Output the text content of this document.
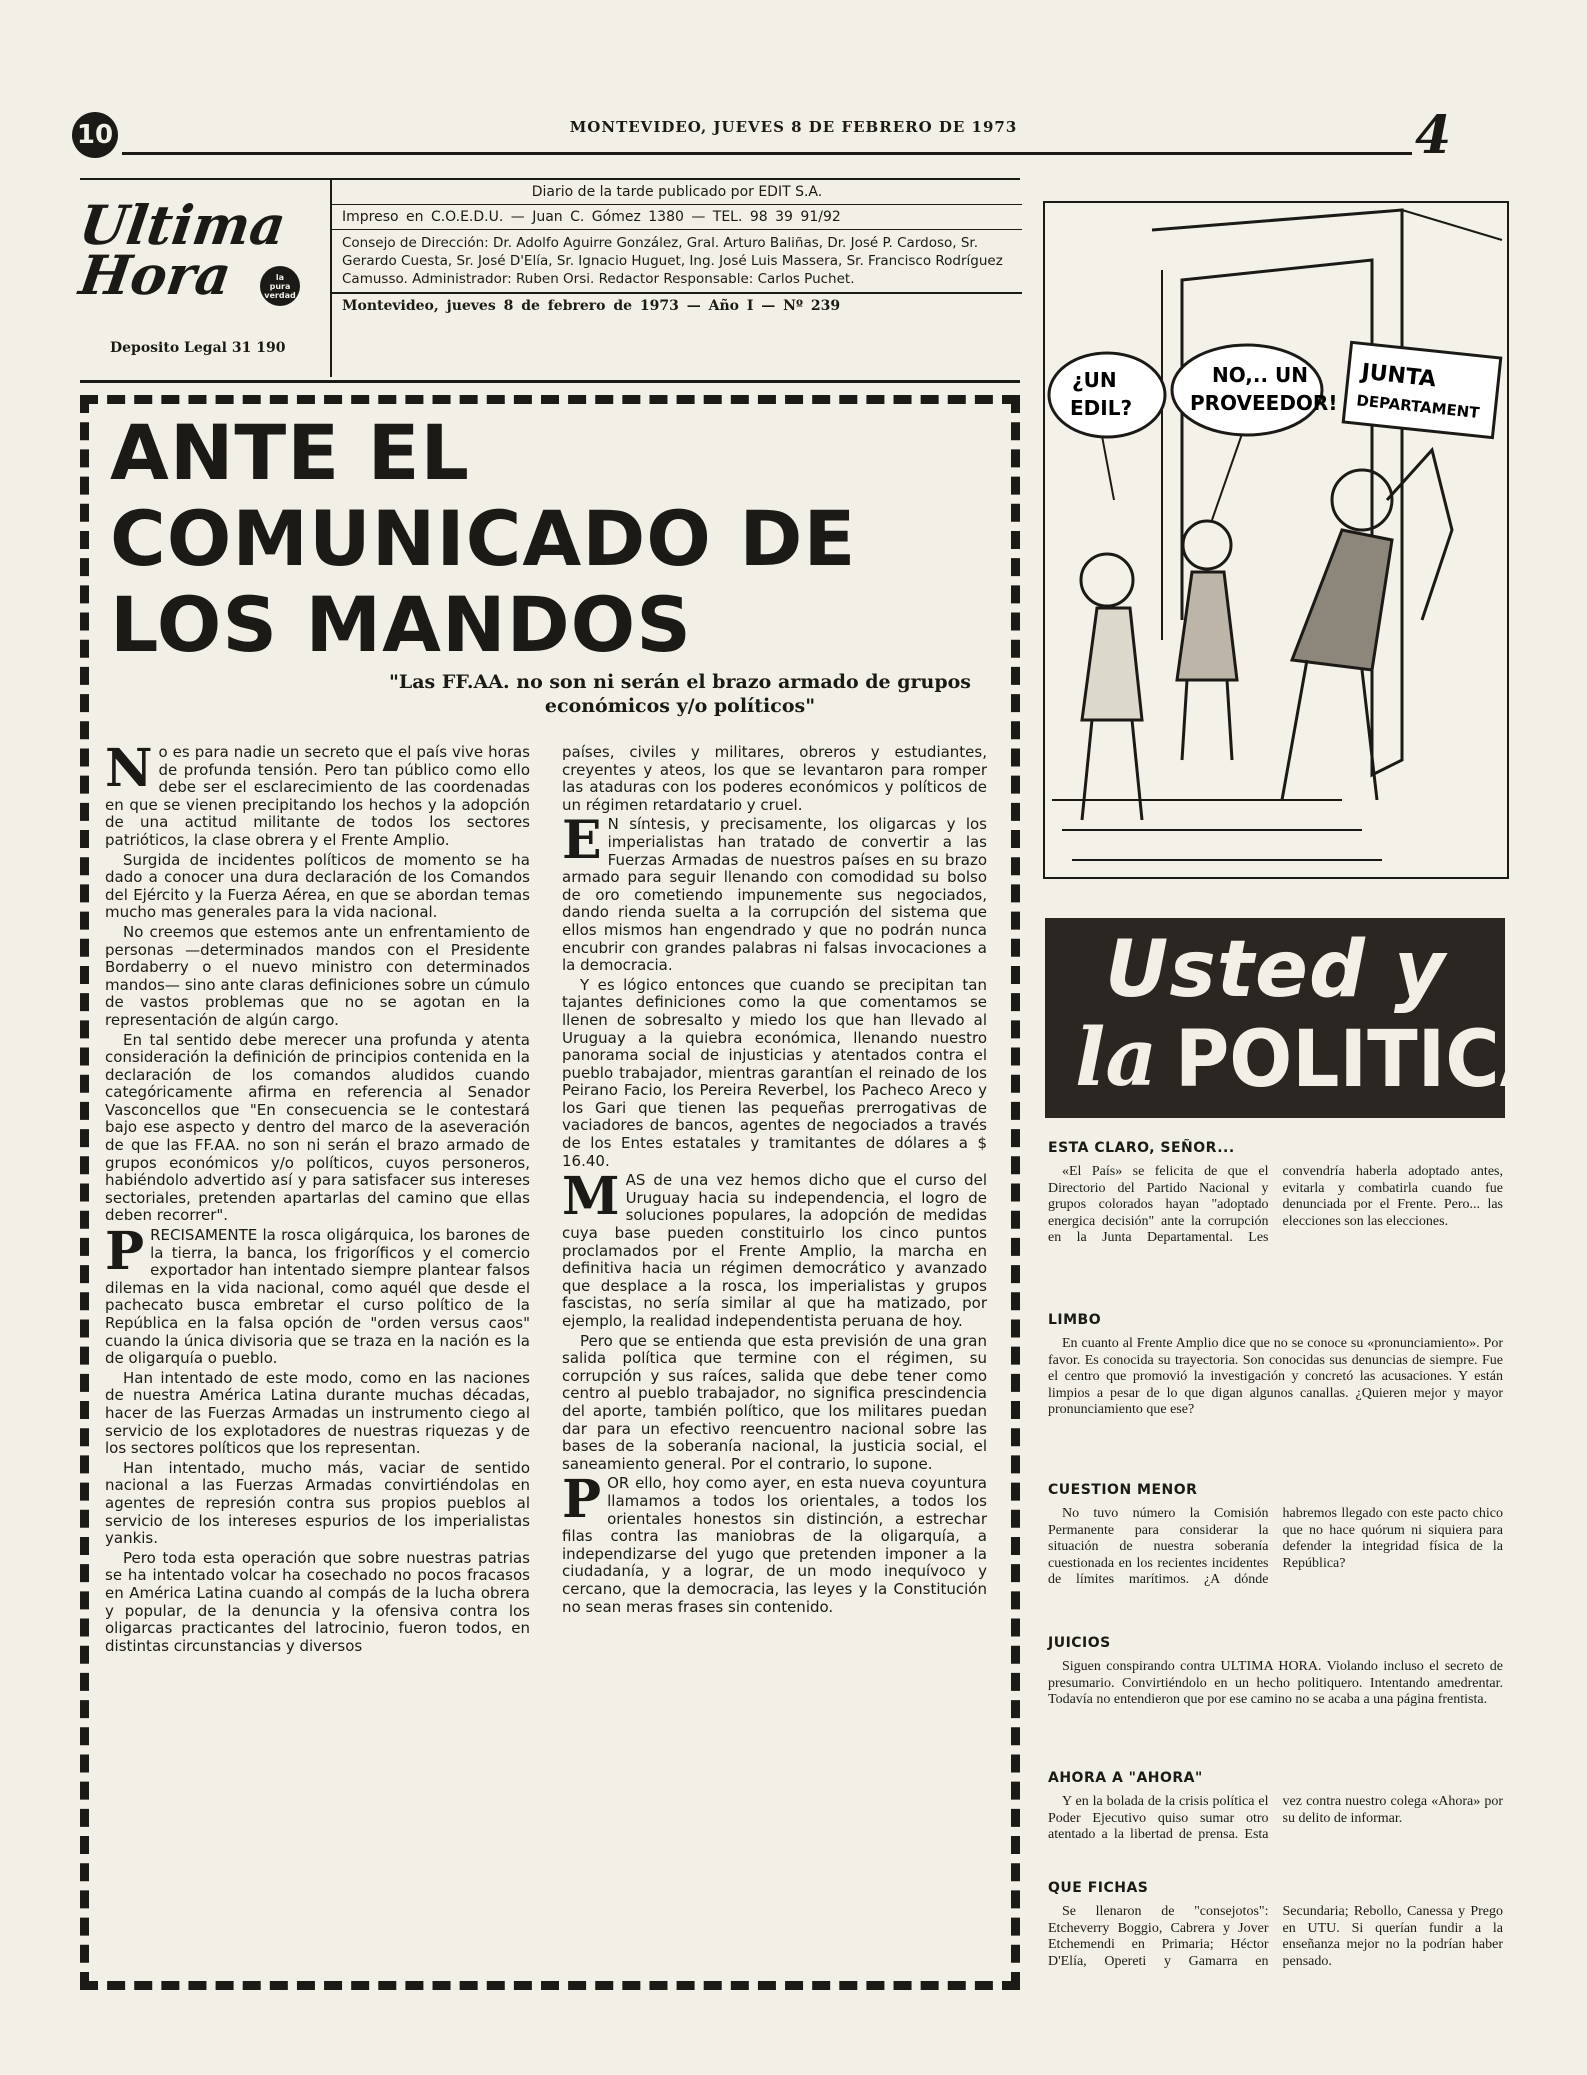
10	MONTEVIDEO, JUEVES 8 DE FEBRERO DE 1973	4
Ultima
Hora	la
pura
verdad
Deposito Legal 31 190
Diario de la tarde publicado por EDIT S.A.
Impreso en C.O.E.D.U. — Juan C. Gómez 1380 — TEL. 98 39 91/92
Consejo de Dirección: Dr. Adolfo Aguirre González, Gral. Arturo Baliñas, Dr. José P. Cardoso, Sr. Gerardo Cuesta, Sr. José D'Elía, Sr. Ignacio Huguet, Ing. José Luis Massera, Sr. Francisco Rodríguez Camusso. Administrador: Ruben Orsi. Redactor Responsable: Carlos Puchet.
Montevideo, jueves 8 de febrero de 1973 — Año I — Nº 239
ANTE EL COMUNICADO DE LOS MANDOS
"Las FF.AA. no son ni serán el brazo armado de grupos económicos y/o políticos"

No es para nadie un secreto que el país vive horas de profunda tensión. Pero tan público como ello debe ser el esclarecimiento de las coordenadas en que se vienen precipitando los hechos y la adopción de una actitud militante de todos los sectores patrióticos, la clase obrera y el Frente Amplio.

Surgida de incidentes políticos de momento se ha dado a conocer una dura declaración de los Comandos del Ejército y la Fuerza Aérea, en que se abordan temas mucho mas generales para la vida nacional.

No creemos que estemos ante un enfrentamiento de personas —determinados mandos con el Presidente Bordaberry o el nuevo ministro con determinados mandos— sino ante claras definiciones sobre un cúmulo de vastos problemas que no se agotan en la representación de algún cargo.

En tal sentido debe merecer una profunda y atenta consideración la definición de principios contenida en la declaración de los comandos aludidos cuando categóricamente afirma en referencia al Senador Vasconcellos que "En consecuencia se le contestará bajo ese aspecto y dentro del marco de la aseveración de que las FF.AA. no son ni serán el brazo armado de grupos económicos y/o políticos, cuyos personeros, habiéndolo advertido así y para satisfacer sus intereses sectoriales, pretenden apartarlas del camino que ellas deben recorrer".

PRECISAMENTE la rosca oligárquica, los barones de la tierra, la banca, los frigoríficos y el comercio exportador han intentado siempre plantear falsos dilemas en la vida nacional, como aquél que desde el pachecato busca embretar el curso político de la República en la falsa opción de "orden versus caos" cuando la única divisoria que se traza en la nación es la de oligarquía o pueblo.

Han intentado de este modo, como en las naciones de nuestra América Latina durante muchas décadas, hacer de las Fuerzas Armadas un instrumento ciego al servicio de los explotadores de nuestras riquezas y de los sectores políticos que los representan.

Han intentado, mucho más, vaciar de sentido nacional a las Fuerzas Armadas convirtiéndolas en agentes de represión contra sus propios pueblos al servicio de los intereses espurios de los imperialistas yankis.

Pero toda esta operación que sobre nuestras patrias se ha intentado volcar ha cosechado no pocos fracasos en América Latina cuando al compás de la lucha obrera y popular, de la denuncia y la ofensiva contra los oligarcas practicantes del latrocinio, fueron todos, en distintas circunstancias y diversos

países, civiles y militares, obreros y estudiantes, creyentes y ateos, los que se levantaron para romper las ataduras con los poderes económicos y políticos de un régimen retardatario y cruel.

E N síntesis, y precisamente, los oligarcas y los imperialistas han tratado de convertir a las Fuerzas Armadas de nuestros países en su brazo armado para seguir llenando con comodidad su bolso de oro cometiendo impunemente sus negociados, dando rienda suelta a la corrupción del sistema que ellos mismos han engendrado y que no podrán nunca encubrir con grandes palabras ni falsas invocaciones a la democracia.

Y es lógico entonces que cuando se precipitan tan tajantes definiciones como la que comentamos se llenen de sobresalto y miedo los que han llevado al Uruguay a la quiebra económica, llenando nuestro panorama social de injusticias y atentados contra el pueblo trabajador, mientras garantían el reinado de los Peirano Facio, los Pereira Reverbel, los Pacheco Areco y los Gari que tienen las pequeñas prerrogativas de vaciadores de bancos, agentes de negociados a través de los Entes estatales y tramitantes de dólares a $ 16.40.

MAS de una vez hemos dicho que el curso del Uruguay hacia su independencia, el logro de soluciones populares, la adopción de medidas cuya base pueden constituirlo los cinco puntos proclamados por el Frente Amplio, la marcha en definitiva hacia un régimen democrático y avanzado que desplace a la rosca, los imperialistas y grupos fascistas, no sería similar al que ha matizado, por ejemplo, la realidad independentista peruana de hoy.

Pero que se entienda que esta previsión de una gran salida política que termine con el régimen, su corrupción y sus raíces, salida que debe tener como centro al pueblo trabajador, no significa prescindencia del aporte, también político, que los militares puedan dar para un efectivo reencuentro nacional sobre las bases de la soberanía nacional, la justicia social, el saneamiento general. Por el contrario, lo supone.

POR ello, hoy como ayer, en esta nueva coyuntura llamamos a todos los orientales, a todos los orientales honestos sin distinción, a estrechar filas contra las maniobras de la oligarquía, a independizarse del yugo que pretenden imponer a la ciudadanía, y a lograr, de un modo inequívoco y cercano, que la democracia, las leyes y la Constitución no sean meras frases sin contenido.

JUNTA
DEPARTAMENT
¿UN
EDIL?
NO,.. UN
PROVEEDOR!
Usted y
la POLITICA
ESTA CLARO, SEÑOR...

«El País» se felicita de que el Directorio del Partido Nacional y grupos colorados hayan "adoptado energica decisión" ante la corrupción en la Junta Departamental. Les convendría haberla adoptado antes, evitarla y combatirla cuando fue denunciada por el Frente. Pero... las elecciones son las elecciones.

LIMBO

En cuanto al Frente Amplio dice que no se conoce su «pronunciamiento». Por favor. Es conocida su trayectoria. Son conocidas sus denuncias de siempre. Fue el centro que promovió la investigación y concretó las acusaciones. Y están limpios a pesar de lo que digan algunos canallas. ¿Quieren mejor y mayor pronunciamiento que ese?

CUESTION MENOR

No tuvo número la Comisión Permanente para considerar la situación de nuestra soberanía cuestionada en los recientes incidentes de límites marítimos. ¿A dónde habremos llegado con este pacto chico que no hace quórum ni siquiera para defender la integridad física de la República?

JUICIOS

Siguen conspirando contra ULTIMA HORA. Violando incluso el secreto de presumario. Convirtiéndolo en un hecho politiquero. Intentando amedrentar. Todavía no entendieron que por ese camino no se acaba a una página frentista.

AHORA A "AHORA"

Y en la bolada de la crisis política el Poder Ejecutivo quiso sumar otro atentado a la libertad de prensa. Esta vez contra nuestro colega «Ahora» por su delito de informar.

QUE FICHAS

Se llenaron de "consejotos": Etcheverry Boggio, Cabrera y Jover Etchemendi en Primaria; Héctor D'Elía, Opereti y Gamarra en Secundaria; Rebollo, Canessa y Prego en UTU. Si querían fundir a la enseñanza mejor no la podrían haber pensado.
